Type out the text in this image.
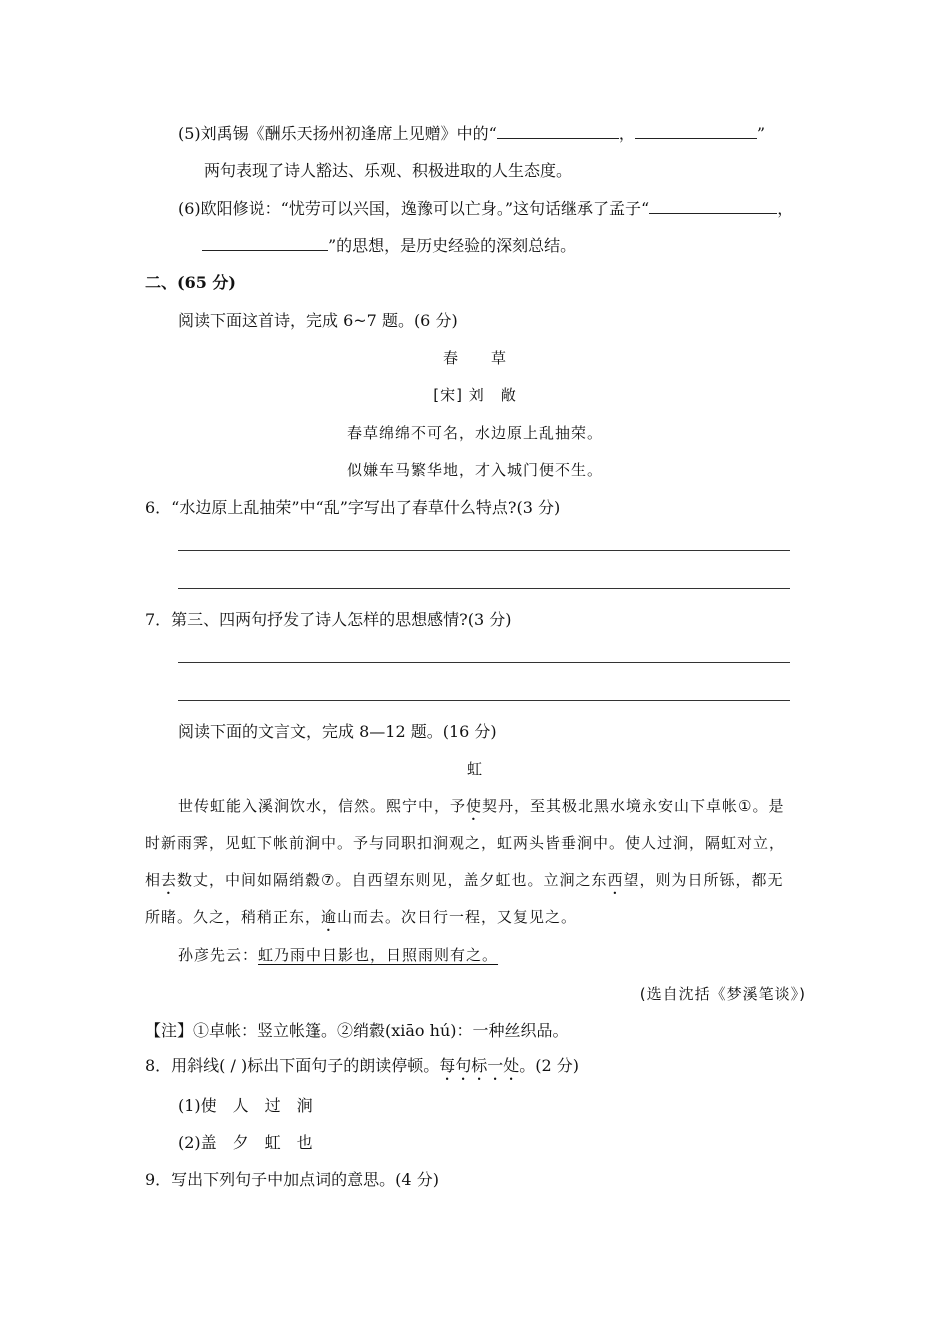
(5)刘禹锡《酬乐天扬州初逢席上见赠》中的“	，	”
两句表现了诗人豁达、乐观、积极进取的人生态度。
(6)欧阳修说：“忧劳可以兴国，逸豫可以亡身。”这句话继承了孟子“	，
”的思想，是历史经验的深刻总结。
二、(65 分)
阅读下面这首诗，完成 6~7 题。(6 分)
春　　草
[宋] 刘　敞
春草绵绵不可名，水边原上乱抽荣。
似嫌车马繁华地，才入城门便不生。
6．“水边原上乱抽荣”中“乱”字写出了春草什么特点?(3 分)
7．第三、四两句抒发了诗人怎样的思想感情?(3 分)
阅读下面的文言文，完成 8—12 题。(16 分)
虹
世传虹能入溪涧饮水，信然。熙宁中，予使契丹，至其极北黑水境永安山下卓帐①。是
时新雨霁，见虹下帐前涧中。予与同职扣涧观之，虹两头皆垂涧中。使人过涧，隔虹对立，
相去数丈，中间如隔绡縠⑦。自西望东则见，盖夕虹也。立涧之东西望，则为日所铄，都无
所睹。久之，稍稍正东，逾山而去。次日行一程，又复见之。
孙彦先云：虹乃雨中日影也，日照雨则有之。
(选自沈括《梦溪笔谈》)
【注】①卓帐：竖立帐篷。②绡縠(xiāo hú)：一种丝织品。
8．用斜线( / )标出下面句子的朗读停顿。每句标一处。(2 分)
(1)使　人　过　涧
(2)盖　夕　虹　也
9．写出下列句子中加点词的意思。(4 分)
